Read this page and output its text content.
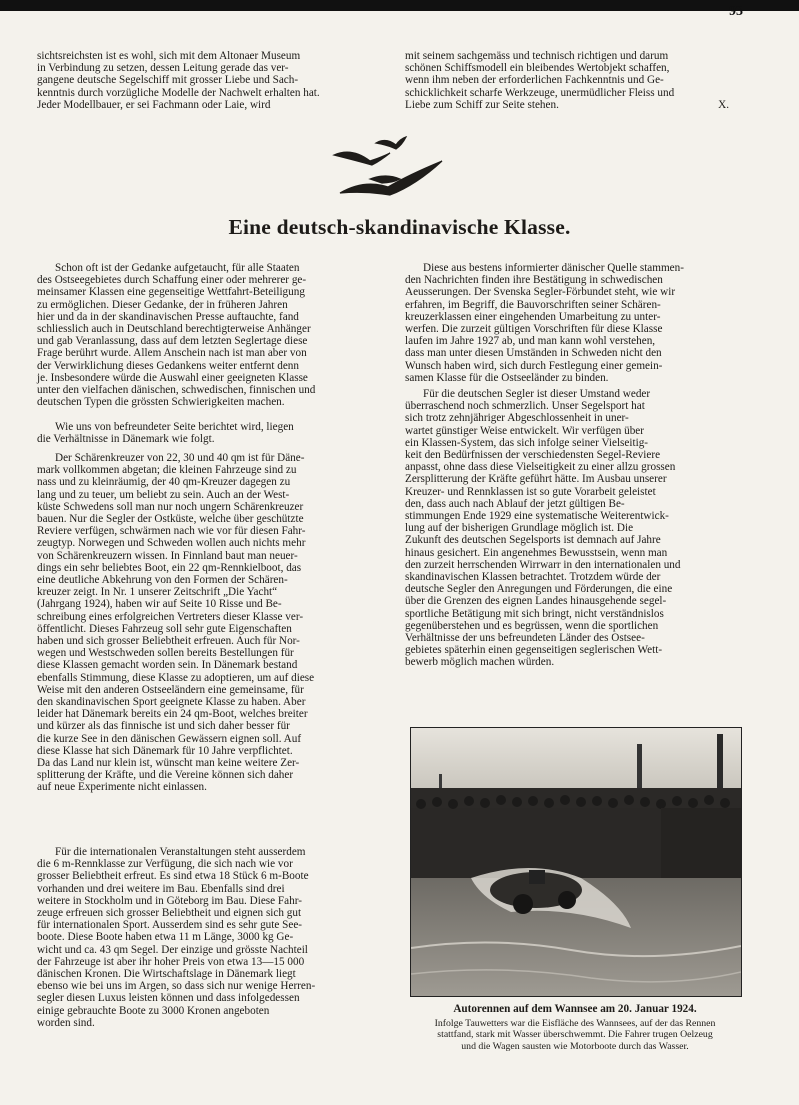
93

sichtsreichsten ist es wohl, sich mit dem Altonaer Museum
in Verbindung zu setzen, dessen Leitung gerade das ver-
gangene deutsche Segelschiff mit grosser Liebe und Sach-
kenntnis durch vorzügliche Modelle der Nachwelt erhalten hat.
Jeder Modellbauer, er sei Fachmann oder Laie, wird

mit seinem sachgemäss und technisch richtigen und darum
schönen Schiffsmodell ein bleibendes Wertobjekt schaffen,
wenn ihm neben der erforderlichen Fachkenntnis und Ge-
schicklichkeit scharfe Werkzeuge, unermüdlicher Fleiss und
Liebe zum Schiff zur Seite stehen.	X.

Eine deutsch-skandinavische Klasse.

Schon oft ist der Gedanke aufgetaucht, für alle Staaten
des Ostseegebietes durch Schaffung einer oder mehrerer ge-
meinsamer Klassen eine gegenseitige Wettfahrt-Beteiligung
zu ermöglichen. Dieser Gedanke, der in früheren Jahren
hier und da in der skandinavischen Presse auftauchte, fand
schliesslich auch in Deutschland berechtigterweise Anhänger
und gab Veranlassung, dass auf dem letzten Seglertage diese
Frage berührt wurde. Allem Anschein nach ist man aber von
der Verwirklichung dieses Gedankens weiter entfernt denn
je. Insbesondere würde die Auswahl einer geeigneten Klasse
unter den vielfachen dänischen, schwedischen, finnischen und
deutschen Typen die grössten Schwierigkeiten machen.

Wie uns von befreundeter Seite berichtet wird, liegen
die Verhältnisse in Dänemark wie folgt.

Der Schärenkreuzer von 22, 30 und 40 qm ist für Däne-
mark vollkommen abgetan; die kleinen Fahrzeuge sind zu
nass und zu kleinräumig, der 40 qm-Kreuzer dagegen zu
lang und zu teuer, um beliebt zu sein. Auch an der West-
küste Schwedens soll man nur noch ungern Schärenkreuzer
bauen. Nur die Segler der Ostküste, welche über geschützte
Reviere verfügen, schwärmen nach wie vor für diesen Fahr-
zeugtyp. Norwegen und Schweden wollen auch nichts mehr
von Schärenkreuzern wissen. In Finnland baut man neuer-
dings ein sehr beliebtes Boot, ein 22 qm-Rennkielboot, das
eine deutliche Abkehrung von den Formen der Schären-
kreuzer zeigt. In Nr. 1 unserer Zeitschrift „Die Yacht“
(Jahrgang 1924), haben wir auf Seite 10 Risse und Be-
schreibung eines erfolgreichen Vertreters dieser Klasse ver-
öffentlicht. Dieses Fahrzeug soll sehr gute Eigenschaften
haben und sich grosser Beliebtheit erfreuen. Auch für Nor-
wegen und Westschweden sollen bereits Bestellungen für
diese Klassen gemacht worden sein. In Dänemark bestand
ebenfalls Stimmung, diese Klasse zu adoptieren, um auf diese
Weise mit den anderen Ostseeländern eine gemeinsame, für
den skandinavischen Sport geeignete Klasse zu haben. Aber
leider hat Dänemark bereits ein 24 qm-Boot, welches breiter
und kürzer als das finnische ist und sich daher besser für
die kurze See in den dänischen Gewässern eignen soll. Auf
diese Klasse hat sich Dänemark für 10 Jahre verpflichtet.
Da das Land nur klein ist, wünscht man keine weitere Zer-
splitterung der Kräfte, und die Vereine können sich daher
auf neue Experimente nicht einlassen.

Für die internationalen Veranstaltungen steht ausserdem
die 6 m-Rennklasse zur Verfügung, die sich nach wie vor
grosser Beliebtheit erfreut. Es sind etwa 18 Stück 6 m-Boote
vorhanden und drei weitere im Bau. Ebenfalls sind drei
weitere in Stockholm und in Göteborg im Bau. Diese Fahr-
zeuge erfreuen sich grosser Beliebtheit und eignen sich gut
für internationalen Sport. Ausserdem sind es sehr gute See-
boote. Diese Boote haben etwa 11 m Länge, 3000 kg Ge-
wicht und ca. 43 qm Segel. Der einzige und grösste Nachteil
der Fahrzeuge ist aber ihr hoher Preis von etwa 13—15 000
dänischen Kronen. Die Wirtschaftslage in Dänemark liegt
ebenso wie bei uns im Argen, so dass sich nur wenige Herren-
segler diesen Luxus leisten können und dass infolgedessen
einige gebrauchte Boote zu 3000 Kronen angeboten
worden sind.

Diese aus bestens informierter dänischer Quelle stammen-
den Nachrichten finden ihre Bestätigung in schwedischen
Aeusserungen. Der Svenska Segler-Förbundet steht, wie wir
erfahren, im Begriff, die Bauvorschriften seiner Schären-
kreuzerklassen einer eingehenden Umarbeitung zu unter-
werfen. Die zurzeit gültigen Vorschriften für diese Klasse
laufen im Jahre 1927 ab, und man kann wohl verstehen,
dass man unter diesen Umständen in Schweden nicht den
Wunsch haben wird, sich durch Festlegung einer gemein-
samen Klasse für die Ostseeländer zu binden.

Für die deutschen Segler ist dieser Umstand weder
überraschend noch schmerzlich. Unser Segelsport hat
sich trotz zehnjähriger Abgeschlossenheit in uner-
wartet günstiger Weise entwickelt. Wir verfügen über
ein Klassen-System, das sich infolge seiner Vielseitig-
keit den Bedürfnissen der verschiedensten Segel-Reviere
anpasst, ohne dass diese Vielseitigkeit zu einer allzu grossen
Zersplitterung der Kräfte geführt hätte. Im Ausbau unserer
Kreuzer- und Rennklassen ist so gute Vorarbeit geleistet
den, dass auch nach Ablauf der jetzt gültigen Be-
stimmungen Ende 1929 eine systematische Weiterentwick-
lung auf der bisherigen Grundlage möglich ist. Die
Zukunft des deutschen Segelsports ist demnach auf Jahre
hinaus gesichert. Ein angenehmes Bewusstsein, wenn man
den zurzeit herrschenden Wirrwarr in den internationalen und
skandinavischen Klassen betrachtet. Trotzdem würde der
deutsche Segler den Anregungen und Förderungen, die eine
über die Grenzen des eignen Landes hinausgehende segel-
sportliche Betätigung mit sich bringt, nicht verständnislos
gegenüberstehen und es begrüssen, wenn die sportlichen
Verhältnisse der uns befreundeten Länder des Ostsee-
gebietes späterhin einen gegenseitigen seglerischen Wett-
bewerb möglich machen würden.

Autorennen auf dem Wannsee am 20. Januar 1924.

Infolge Tauwetters war die Eisfläche des Wannsees, auf der das Rennen
stattfand, stark mit Wasser überschwemmt. Die Fahrer trugen Oelzeug
und die Wagen sausten wie Motorboote durch das Wasser.
